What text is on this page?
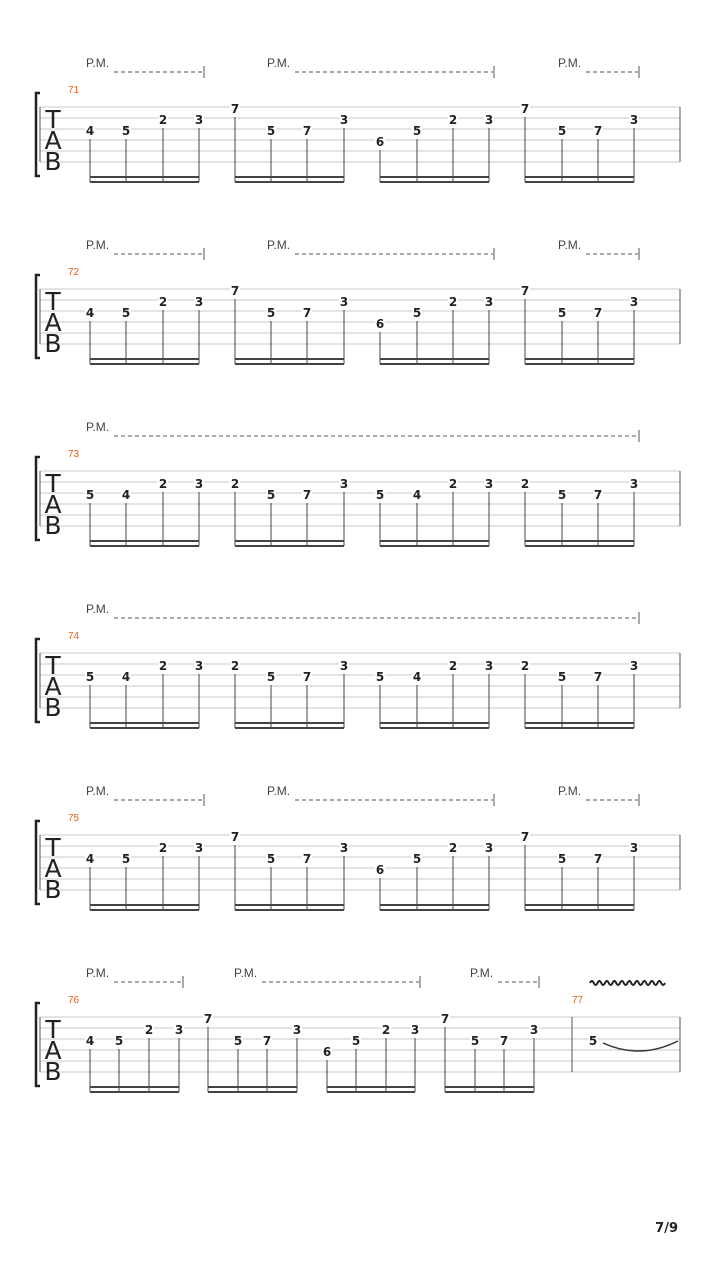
T
A
B
71
P.M.	P.M.	P.M.
4 5
2 3
7
5 7
3
6
5
2 3
7
5 7
3
T
A
B
72
P.M.	P.M.	P.M.
4 5
2 3
7
5 7
3
6
5
2 3
7
5 7
3
T
A
B
73
P.M.
5 4
2 3 2
5 7
3
5 4
2 3 2
5 7
3
T
A
B
74
P.M.
5 4
2 3 2
5 7
3
5 4
2 3 2
5 7
3
T
A
B
75
P.M.	P.M.	P.M.
4 5
2 3
7
5 7
3
6
5
2 3
7
5 7
3
T
A
B
76
P.M.	P.M.	P.M.
4 5
2 3
7
5 7
3
6
5
2 3
7
5 7
3
77
5
7/9
